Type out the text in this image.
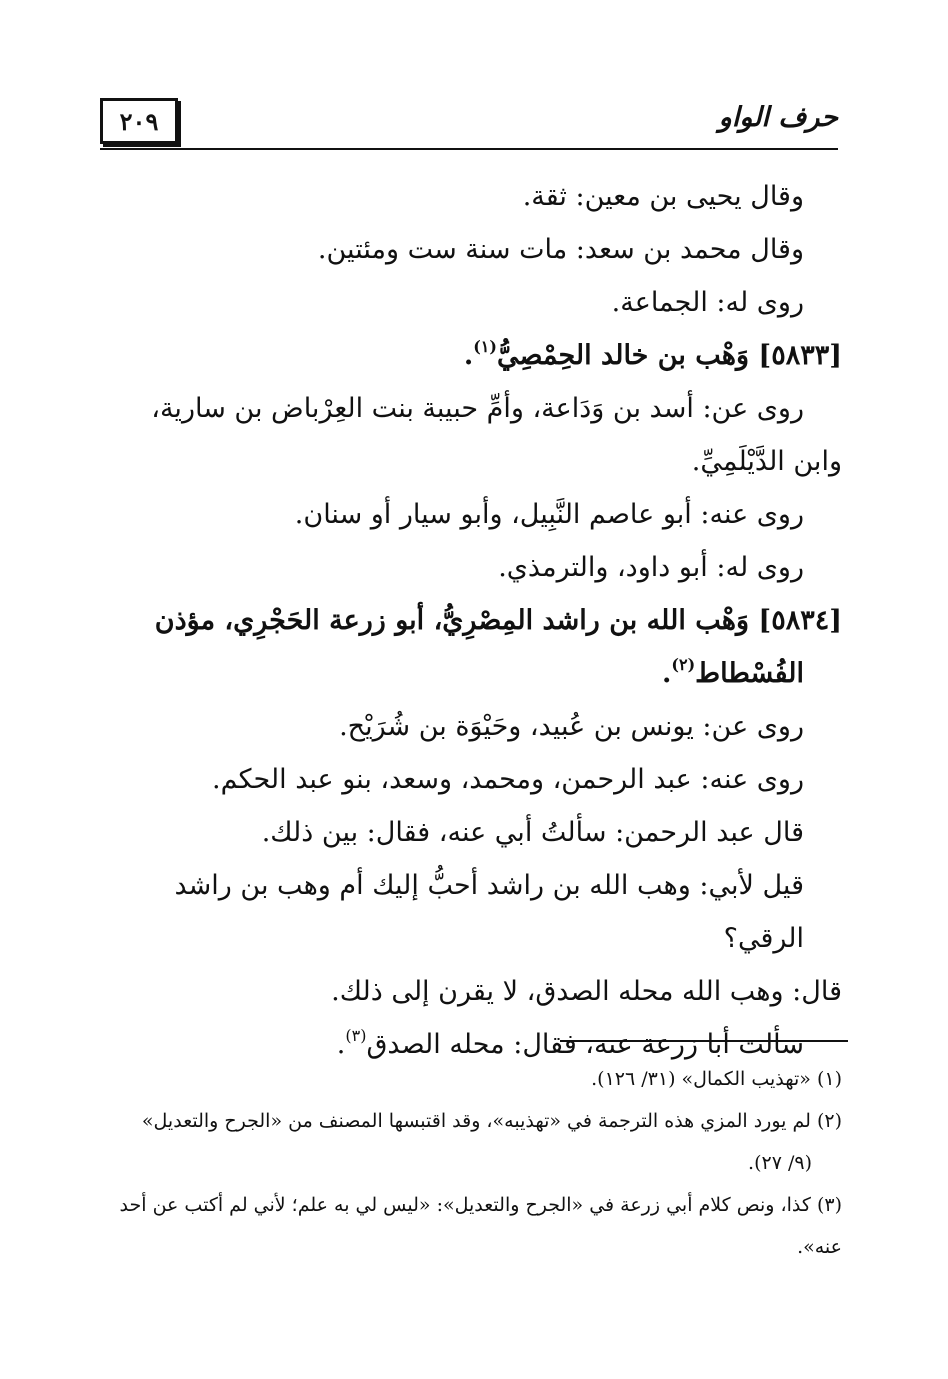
حرف الواو
٢٠٩

وقال يحيى بن معين: ثقة.

وقال محمد بن سعد: مات سنة ست ومئتين.

روى له: الجماعة.

[٥٨٣٣] وَهْب بن خالد الحِمْصِيُّ$^{(١)}$.

روى عن: أسد بن وَدَاعة، وأمِّ حبيبة بنت العِرْباض بن سارية،

وابن الدَّيْلَمِيِّ.

روى عنه: أبو عاصم النَّبِيل، وأبو سيار أو سنان.

روى له: أبو داود، والترمذي.

[٥٨٣٤] وَهْب الله بن راشد المِصْرِيُّ، أبو زرعة الحَجْرِي، مؤذن

الفُسْطاط$^{(٢)}$.

روى عن: يونس بن عُبيد، وحَيْوَة بن شُرَيْح.

روى عنه: عبد الرحمن، ومحمد، وسعد، بنو عبد الحكم.

قال عبد الرحمن: سألتُ أبي عنه، فقال: بين ذلك.

قيل لأبي: وهب الله بن راشد أحبُّ إليك أم وهب بن راشد الرقي؟

قال: وهب الله محله الصدق، لا يقرن إلى ذلك.

سألت أبا زرعة عنه، فقال: محله الصدق$^{(٣)}$.

(١) «تهذيب الكمال» (٣١/ ١٢٦).

(٢) لم يورد المزي هذه الترجمة في «تهذيبه»، وقد اقتبسها المصنف من «الجرح والتعديل»

(٩/ ٢٧).

(٣) كذا، ونص كلام أبي زرعة في «الجرح والتعديل»: «ليس لي به علم؛ لأني لم أكتب عن أحد

عنه».
